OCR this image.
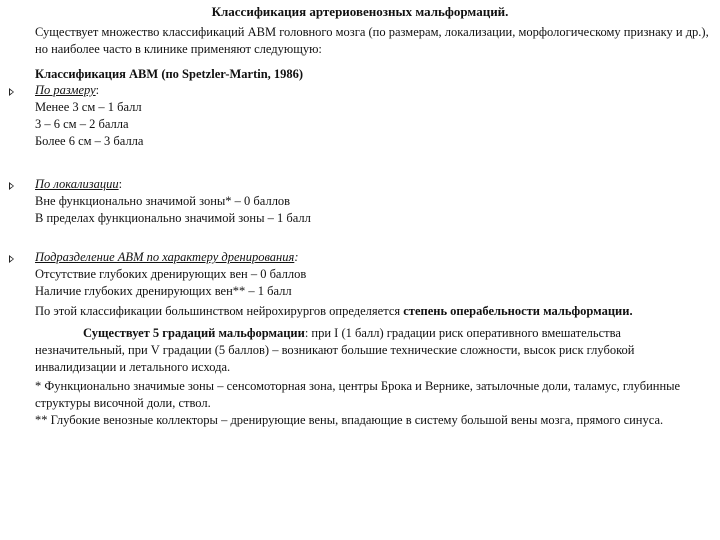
Классификация артериовенозных мальформаций.
Существует множество классификаций АВМ головного мозга (по размерам, локализации, морфологическому признаку и др.), но наиболее часто в клинике применяют следующую:
Классификация АВМ (по Spetzler-Martin, 1986)
По размеру:
Менее 3 см – 1 балл
3 – 6 см – 2 балла
Более 6 см – 3 балла
По локализации:
Вне функционально значимой зоны* – 0 баллов
В пределах функционально значимой зоны – 1 балл
Подразделение АВМ по характеру дренирования:
Отсутствие глубоких дренирующих вен – 0 баллов
Наличие глубоких дренирующих вен** – 1 балл
По этой классификации большинством нейрохирургов определяется степень операбельности мальформации.
Существует 5 градаций мальформации: при I (1 балл) градации риск оперативного вмешательства незначительный, при V градации (5 баллов) – возникают большие технические сложности, высок риск глубокой инвалидизации и летального исхода.
* Функционально значимые зоны – сенсомоторная зона, центры Брока и Вернике, затылочные доли, таламус, глубинные структуры височной доли, ствол.
** Глубокие венозные коллекторы – дренирующие вены, впадающие в систему большой вены мозга, прямого синуса.
